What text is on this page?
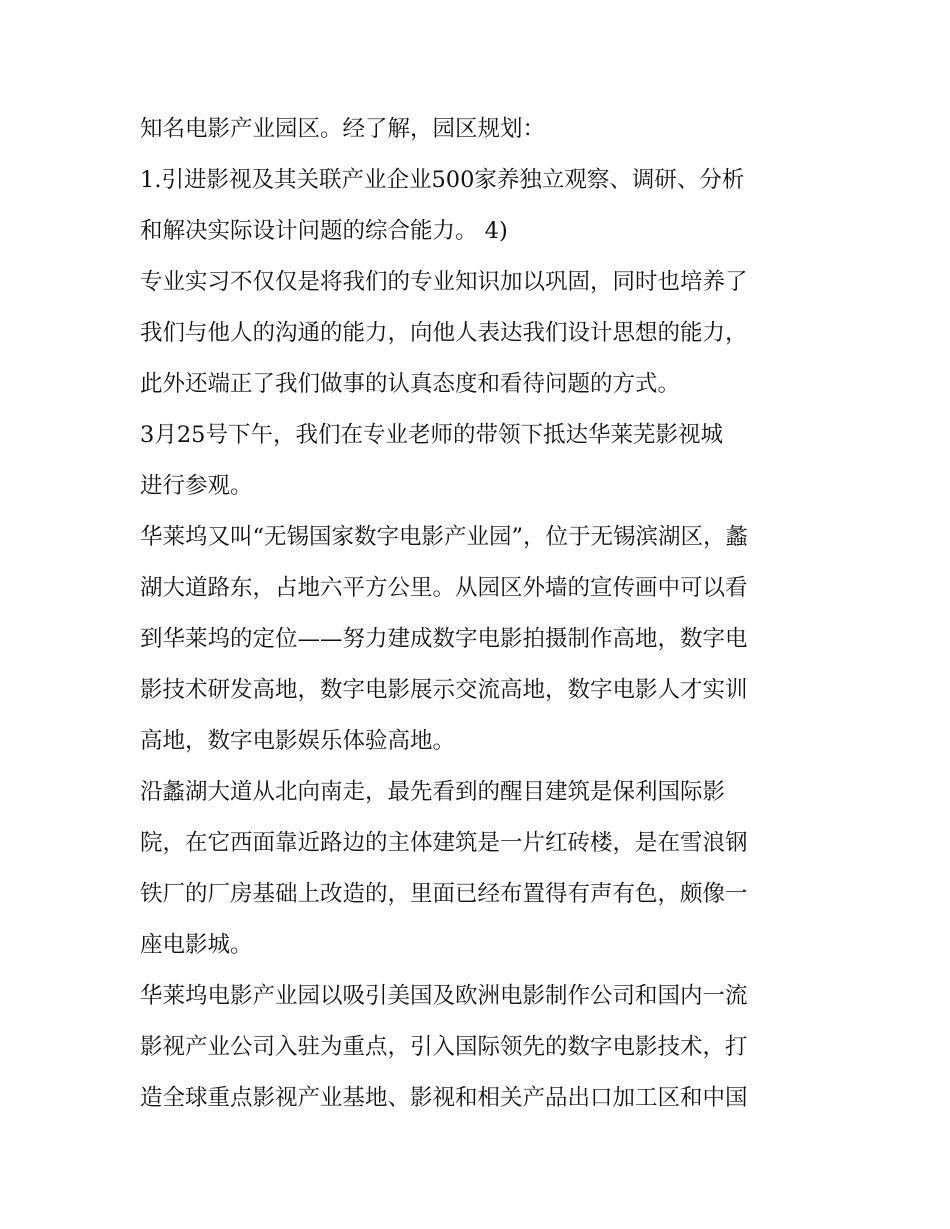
知名电影产业园区。经了解，园区规划：

1.引进影视及其关联产业企业500家养独立观察、调研、分析
和解决实际设计问题的综合能力。 4)

专业实习不仅仅是将我们的专业知识加以巩固，同时也培养了
我们与他人的沟通的能力，向他人表达我们设计思想的能力，
此外还端正了我们做事的认真态度和看待问题的方式。

3月25号下午，我们在专业老师的带领下抵达华莱芜影视城
进行参观。

华莱坞又叫“无锡国家数字电影产业园”，位于无锡滨湖区，蠡
湖大道路东，占地六平方公里。从园区外墙的宣传画中可以看
到华莱坞的定位——努力建成数字电影拍摄制作高地，数字电
影技术研发高地，数字电影展示交流高地，数字电影人才实训
高地，数字电影娱乐体验高地。

沿蠡湖大道从北向南走，最先看到的醒目建筑是保利国际影
院，在它西面靠近路边的主体建筑是一片红砖楼，是在雪浪钢
铁厂的厂房基础上改造的，里面已经布置得有声有色，颇像一
座电影城。

华莱坞电影产业园以吸引美国及欧洲电影制作公司和国内一流
影视产业公司入驻为重点，引入国际领先的数字电影技术，打
造全球重点影视产业基地、影视和相关产品出口加工区和中国
